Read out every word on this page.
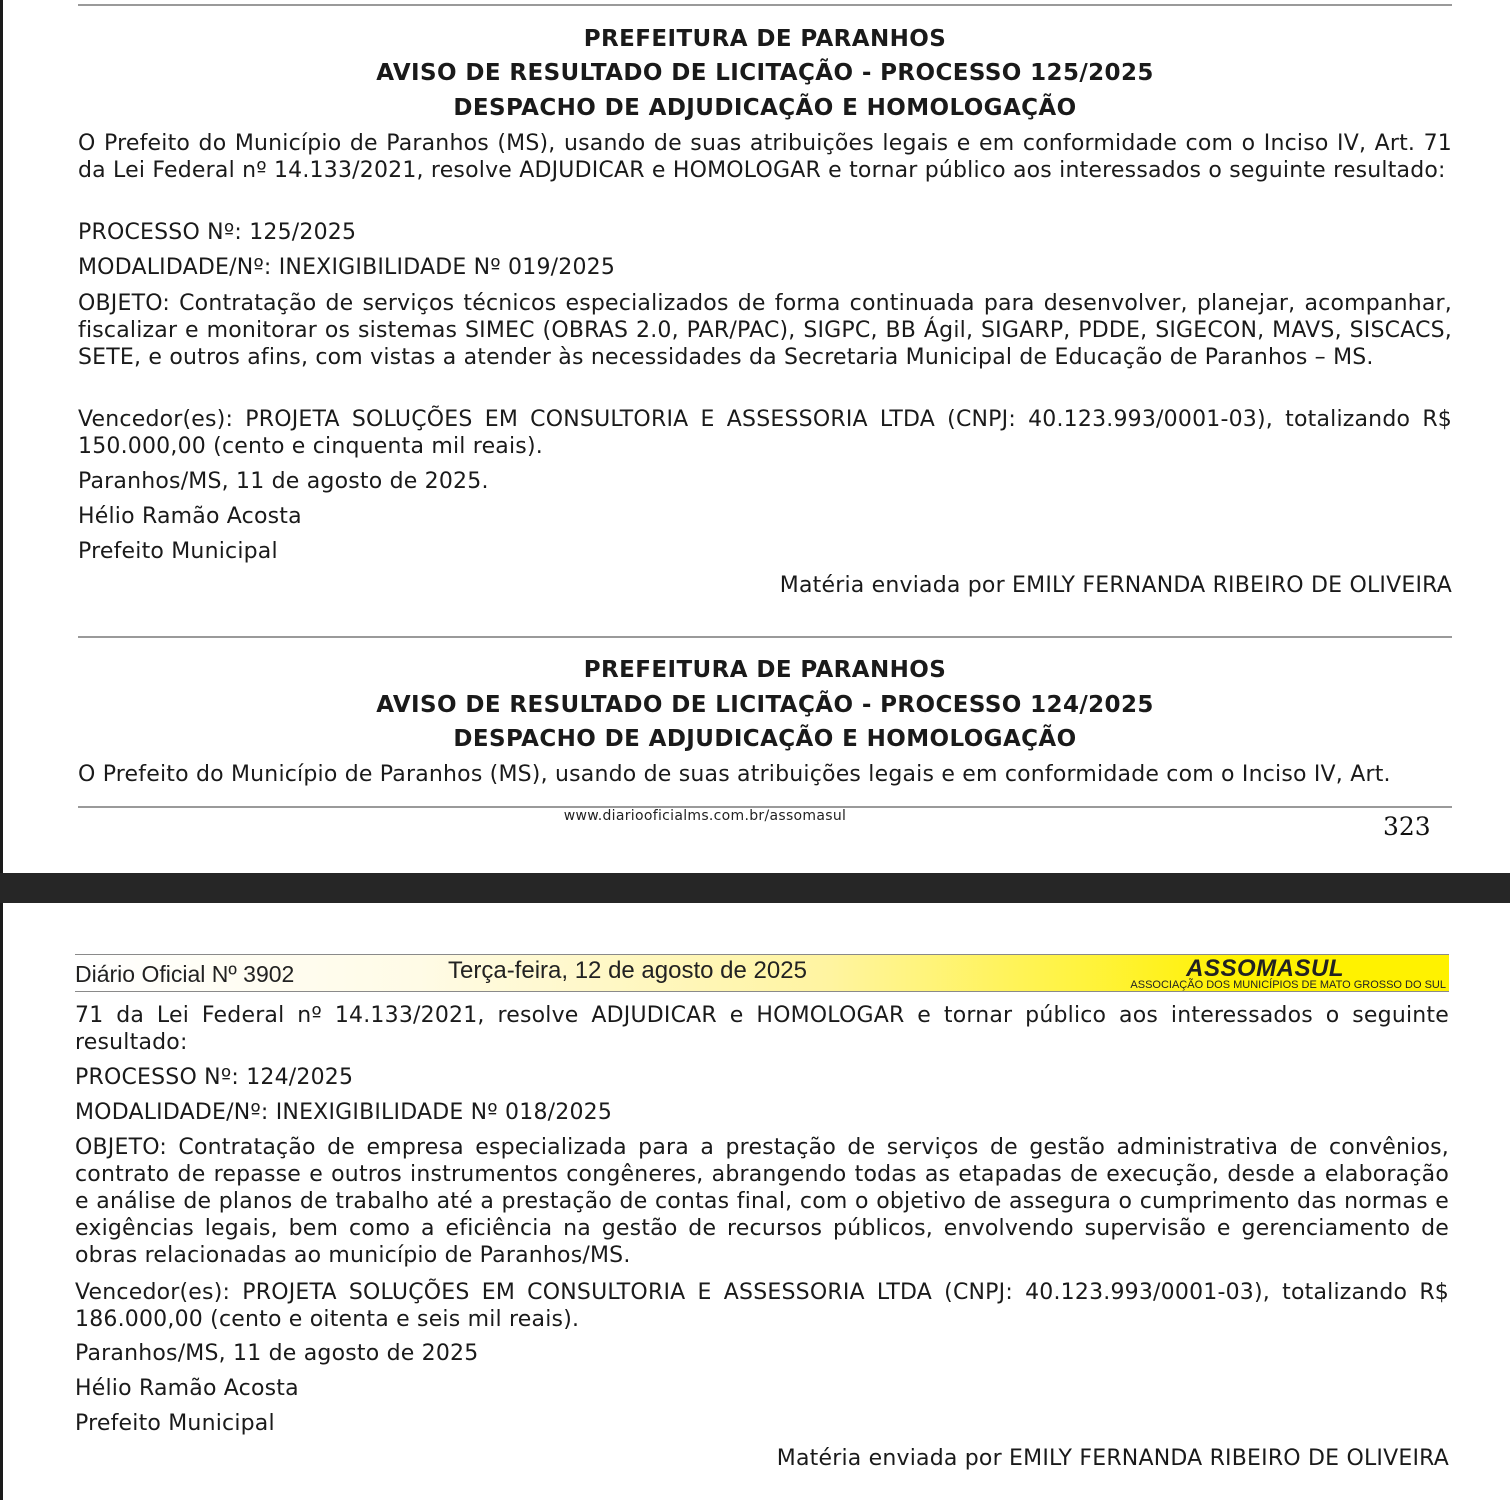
PREFEITURA DE PARANHOS
AVISO DE RESULTADO DE LICITAÇÃO - PROCESSO 125/2025
DESPACHO DE ADJUDICAÇÃO E HOMOLOGAÇÃO
O Prefeito do Município de Paranhos (MS), usando de suas atribuições legais e em conformidade com o Inciso IV, Art. 71 da Lei Federal nº 14.133/2021, resolve ADJUDICAR e HOMOLOGAR e tornar público aos interessados o seguinte resultado:
PROCESSO Nº: 125/2025
MODALIDADE/Nº: INEXIGIBILIDADE Nº 019/2025
OBJETO: Contratação de serviços técnicos especializados de forma continuada para desenvolver, planejar, acompanhar, fiscalizar e monitorar os sistemas SIMEC (OBRAS 2.0, PAR/PAC), SIGPC, BB Ágil, SIGARP, PDDE, SIGECON, MAVS, SISCACS, SETE, e outros afins, com vistas a atender às necessidades da Secretaria Municipal de Educação de Paranhos – MS.
Vencedor(es): PROJETA SOLUÇÕES EM CONSULTORIA E ASSESSORIA LTDA (CNPJ: 40.123.993/0001-03), totalizando R$ 150.000,00 (cento e cinquenta mil reais).
Paranhos/MS, 11 de agosto de 2025.
Hélio Ramão Acosta
Prefeito Municipal
Matéria enviada por EMILY FERNANDA RIBEIRO DE OLIVEIRA
PREFEITURA DE PARANHOS
AVISO DE RESULTADO DE LICITAÇÃO - PROCESSO 124/2025
DESPACHO DE ADJUDICAÇÃO E HOMOLOGAÇÃO
O Prefeito do Município de Paranhos (MS), usando de suas atribuições legais e em conformidade com o Inciso IV, Art.
www.diariooficialms.com.br/assomasul	323
Diário Oficial Nº 3902	Terça-feira, 12 de agosto de 2025	ASSOMASUL
ASSOCIAÇÃO DOS MUNICÍPIOS DE MATO GROSSO DO SUL
71 da Lei Federal nº 14.133/2021, resolve ADJUDICAR e HOMOLOGAR e tornar público aos interessados o seguinte resultado:
PROCESSO Nº: 124/2025
MODALIDADE/Nº: INEXIGIBILIDADE Nº 018/2025
OBJETO: Contratação de empresa especializada para a prestação de serviços de gestão administrativa de convênios, contrato de repasse e outros instrumentos congêneres, abrangendo todas as etapadas de execução, desde a elaboração e análise de planos de trabalho até a prestação de contas final, com o objetivo de assegura o cumprimento das normas e exigências legais, bem como a eficiência na gestão de recursos públicos, envolvendo supervisão e gerenciamento de obras relacionadas ao município de Paranhos/MS.
Vencedor(es): PROJETA SOLUÇÕES EM CONSULTORIA E ASSESSORIA LTDA (CNPJ: 40.123.993/0001-03), totalizando R$ 186.000,00 (cento e oitenta e seis mil reais).
Paranhos/MS, 11 de agosto de 2025
Hélio Ramão Acosta
Prefeito Municipal
Matéria enviada por EMILY FERNANDA RIBEIRO DE OLIVEIRA
